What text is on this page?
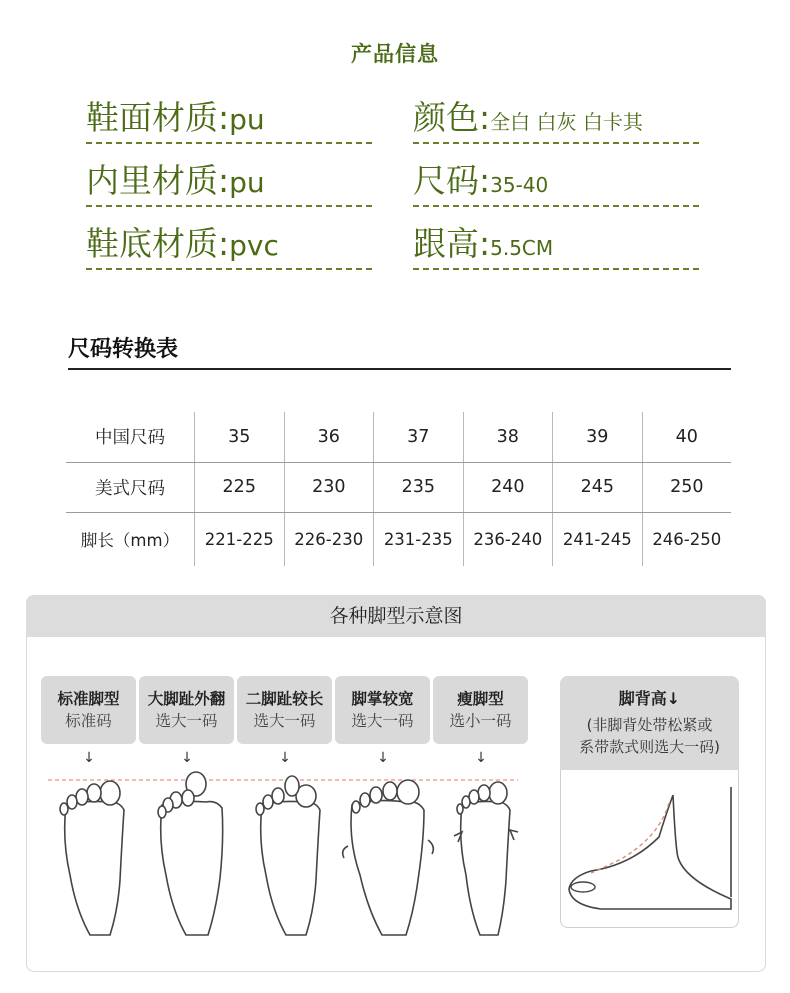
产品信息
鞋面材质:pu
内里材质:pu
鞋底材质:pvc
颜色:全白 白灰 白卡其
尺码:35-40
跟高:5.5CM
尺码转换表
中国尺码	35	36	37	38	39	40
美式尺码	225	230	235	240	245	250
脚长（mm）	221-225	226-230	231-235	236-240	241-245	246-250
各种脚型示意图
标准脚型
标准码
大脚趾外翻
选大一码
二脚趾较长
选大一码
脚掌较宽
选大一码
瘦脚型
选小一码
↓	↓	↓	↓	↓
脚背高↓
(非脚背处带松紧或
系带款式则选大一码)
